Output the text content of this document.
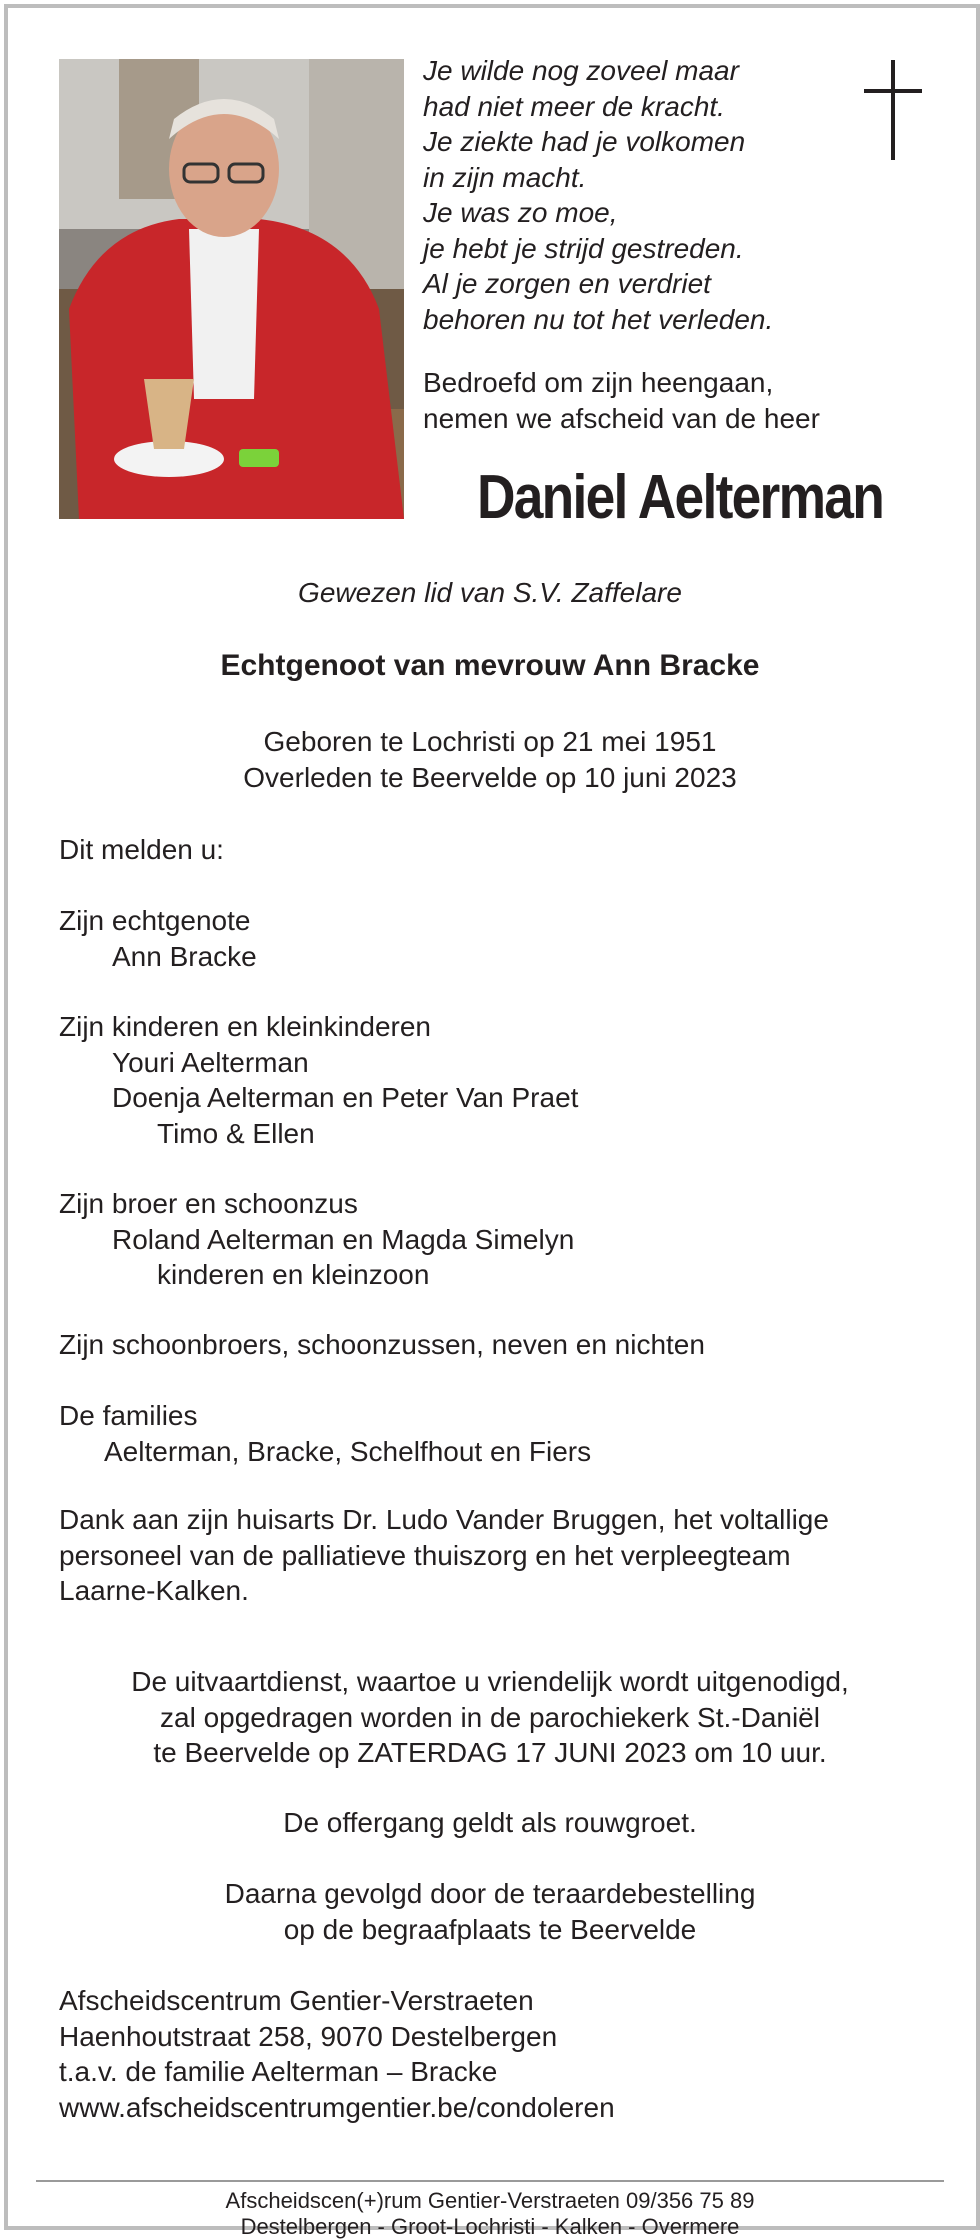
Je wilde nog zoveel maar
had niet meer de kracht.
Je ziekte had je volkomen
in zijn macht.
Je was zo moe,
je hebt je strijd gestreden.
Al je zorgen en verdriet
behoren nu tot het verleden.
Bedroefd om zijn heengaan,
nemen we afscheid van de heer
Daniel Aelterman
Gewezen lid van S.V. Zaffelare
Echtgenoot van mevrouw Ann Bracke
Geboren te Lochristi op 21 mei 1951
Overleden te Beervelde op 10 juni 2023
Dit melden u:
Zijn echtgenote
Ann Bracke
Zijn kinderen en kleinkinderen
Youri Aelterman
Doenja Aelterman en Peter Van Praet
Timo & Ellen
Zijn broer en schoonzus
Roland Aelterman en Magda Simelyn
kinderen en kleinzoon
Zijn schoonbroers, schoonzussen, neven en nichten
De families
Aelterman, Bracke, Schelfhout en Fiers
Dank aan zijn huisarts Dr. Ludo Vander Bruggen, het voltallige
personeel van de palliatieve thuiszorg en het verpleegteam
Laarne-Kalken.
De uitvaartdienst, waartoe u vriendelijk wordt uitgenodigd,
zal opgedragen worden in de parochiekerk St.-Daniël
te Beervelde op ZATERDAG 17 JUNI 2023 om 10 uur.
De offergang geldt als rouwgroet.
Daarna gevolgd door de teraardebestelling
op de begraafplaats te Beervelde
Afscheidscentrum Gentier-Verstraeten
Haenhoutstraat 258, 9070 Destelbergen
t.a.v. de familie Aelterman – Bracke
www.afscheidscentrumgentier.be/condoleren
Afscheidscen(+)rum Gentier-Verstraeten 09/356 75 89
Destelbergen - Groot-Lochristi - Kalken - Overmere
